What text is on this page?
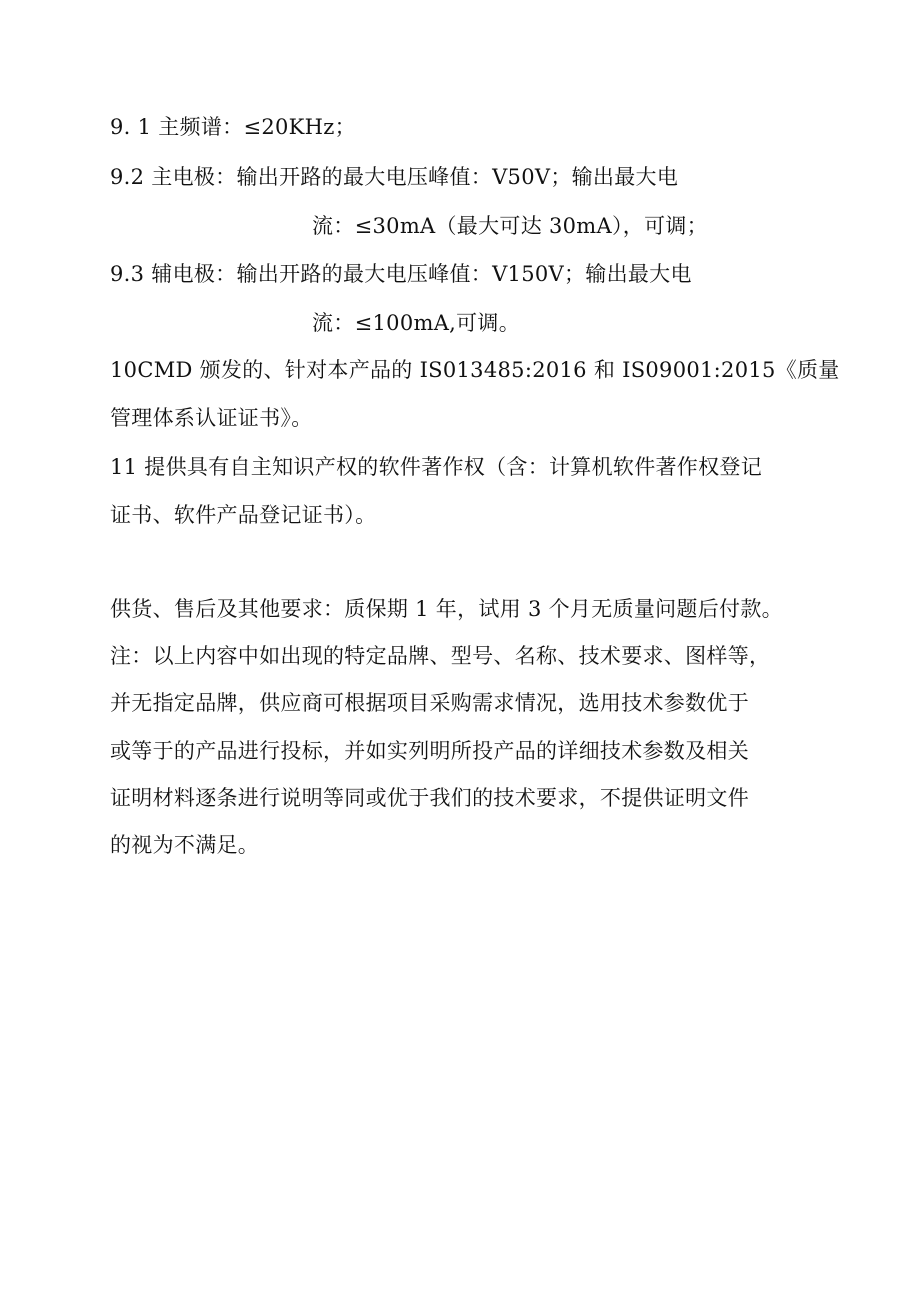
9. 1 主频谱：≤20KHz；
9.2 主电极：输出开路的最大电压峰值：V50V；输出最大电
流：≤30mA（最大可达 30mA），可调；
9.3 辅电极：输出开路的最大电压峰值：V150V；输出最大电
流：≤100mA,可调。
10CMD 颁发的、针对本产品的 IS013485:2016 和 IS09001:2015《质量
管理体系认证证书》。
11 提供具有自主知识产权的软件著作权（含：计算机软件著作权登记
证书、软件产品登记证书）。
供货、售后及其他要求：质保期 1 年，试用 3 个月无质量问题后付款。
注：以上内容中如出现的特定品牌、型号、名称、技术要求、图样等，
并无指定品牌，供应商可根据项目采购需求情况，选用技术参数优于
或等于的产品进行投标，并如实列明所投产品的详细技术参数及相关
证明材料逐条进行说明等同或优于我们的技术要求，不提供证明文件
的视为不满足。
